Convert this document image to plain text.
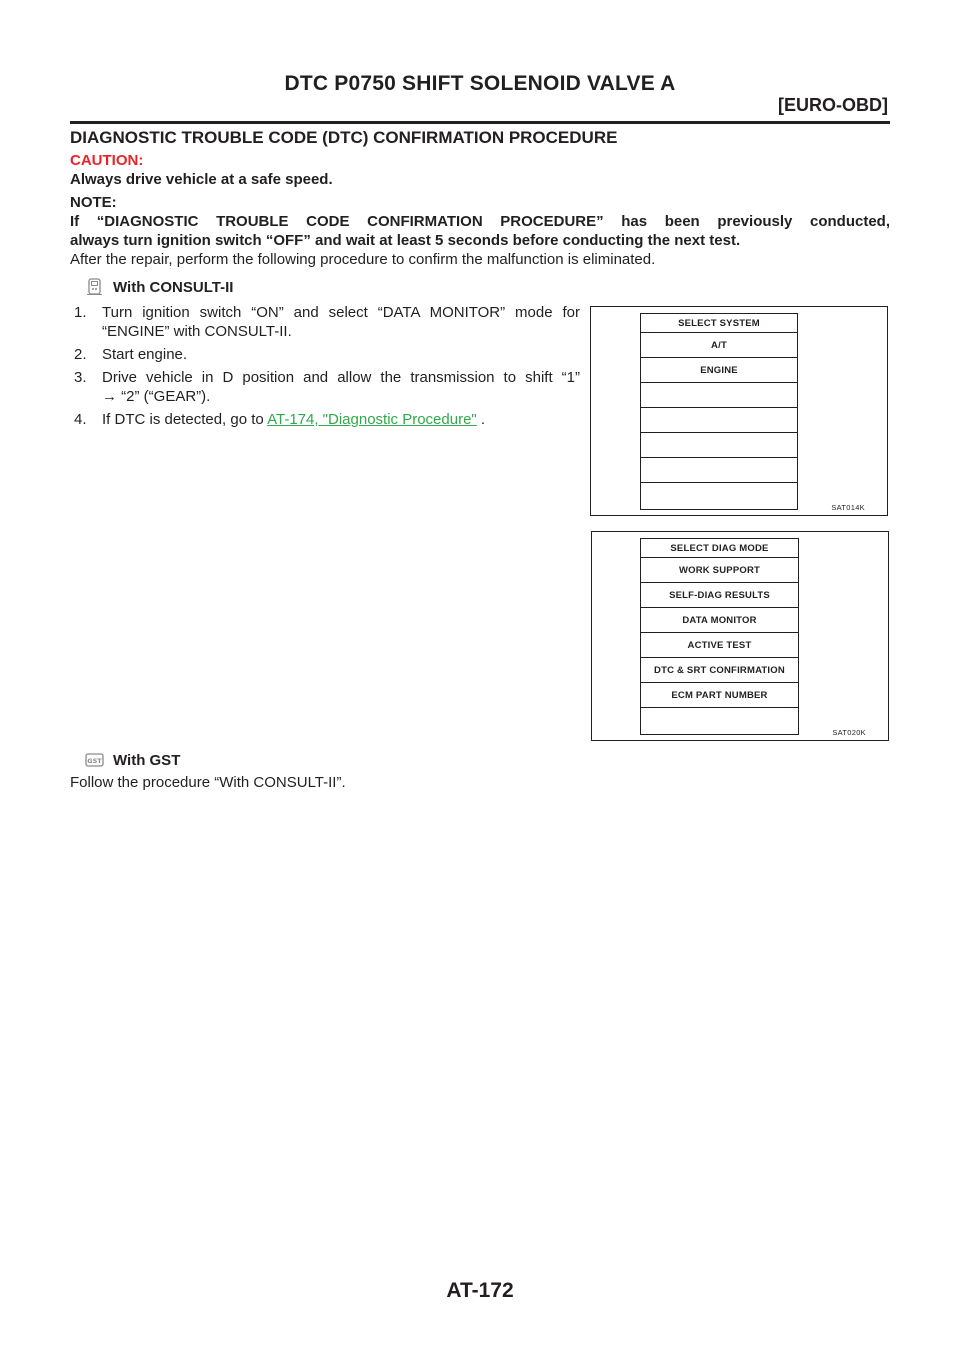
DTC P0750 SHIFT SOLENOID VALVE A
[EURO-OBD]
DIAGNOSTIC TROUBLE CODE (DTC) CONFIRMATION PROCEDURE
CAUTION:
Always drive vehicle at a safe speed.
NOTE:
If “DIAGNOSTIC TROUBLE CODE CONFIRMATION PROCEDURE” has been previously conducted,
always turn ignition switch “OFF” and wait at least 5 seconds before conducting the next test.
After the repair, perform the following procedure to confirm the malfunction is eliminated.
With CONSULT-II
1. Turn ignition switch “ON” and select “DATA MONITOR” mode for
“ENGINE” with CONSULT-II.
2. Start engine.
3. Drive vehicle in D position and allow the transmission to shift “1”
→ “2” (“GEAR”).
4. If DTC is detected, go to AT-174, "Diagnostic Procedure" .
SELECT SYSTEM
A/T
ENGINE
SAT014K
SELECT DIAG MODE
WORK SUPPORT
SELF-DIAG RESULTS
DATA MONITOR
ACTIVE TEST
DTC & SRT CONFIRMATION
ECM PART NUMBER
SAT020K
GST With GST
Follow the procedure “With CONSULT-II”.
AT-172
